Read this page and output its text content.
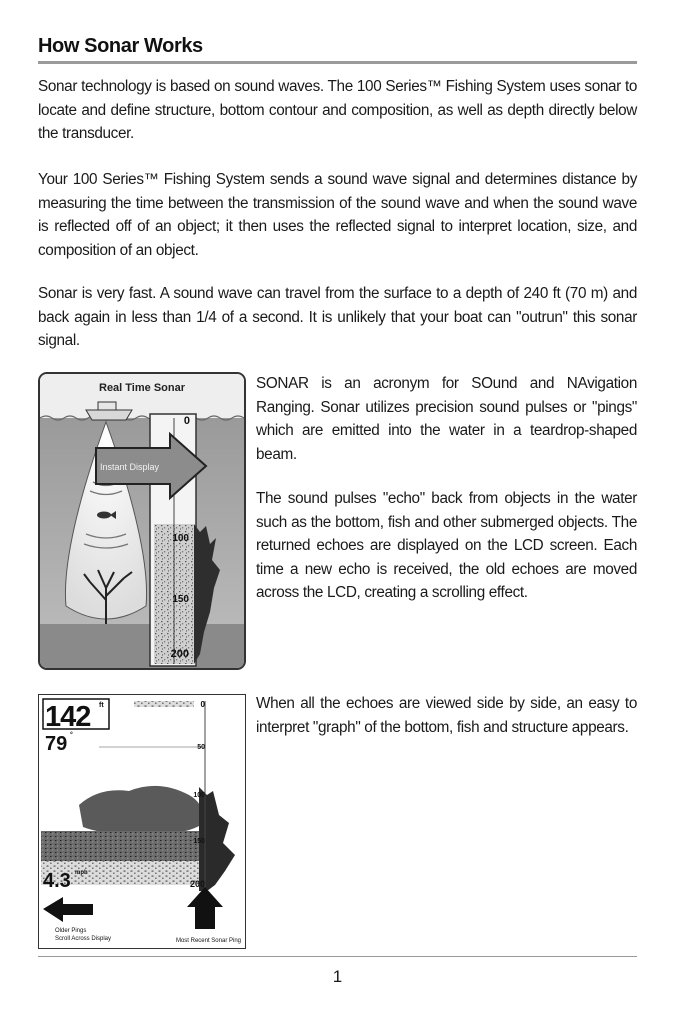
How Sonar Works

Sonar technology is based on sound waves. The 100 Series™ Fishing System uses sonar to locate and define structure, bottom contour and composition, as well as depth directly below the transducer.

Your 100 Series™ Fishing System sends a sound wave signal and determines distance by measuring the time between the transmission of the sound wave and when the sound wave is reflected off of an object; it then uses the reflected signal to interpret location, size, and composition of an object.

Sonar is very fast. A sound wave can travel from the surface to a depth of 240 ft (70 m) and back again in less than 1/4 of a second. It is unlikely that your boat can "outrun" this sonar signal.

Real Time Sonar
0
100
150
200
Instant Display

SONAR is an acronym for SOund and NAvigation Ranging. Sonar utilizes precision sound pulses or "pings" which are emitted into the water in a teardrop-shaped beam.

The sound pulses "echo" back from objects in the water such as the bottom, fish and other submerged objects. The returned echoes are displayed on the LCD screen. Each time a new echo is received, the old echoes are moved across the LCD, creating a scrolling effect.

0
50
100
150
200
142 ft
79 °
4.3 mph
Older Pings
Scroll Across Display	Most Recent Sonar Ping

When all the echoes are viewed side by side, an easy to interpret "graph" of the bottom, fish and structure appears.

1
